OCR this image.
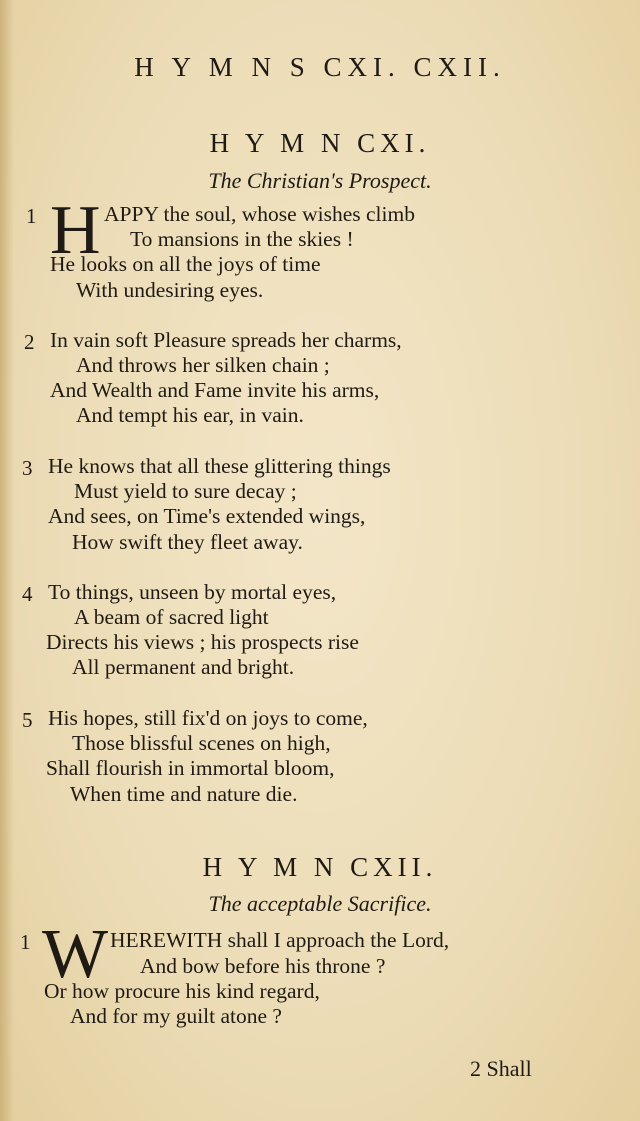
H Y M N S CXI. CXII.
H Y M N CXI.
The Christian's Prospect.
1 H APPY the soul, whose wishes climb
To mansions in the skies !
He looks on all the joys of time
With undesiring eyes.
2 In vain soft Pleasure spreads her charms,
And throws her silken chain ;
And Wealth and Fame invite his arms,
And tempt his ear, in vain.
3 He knows that all these glittering things
Must yield to sure decay ;
And sees, on Time's extended wings,
How swift they fleet away.
4 To things, unseen by mortal eyes,
A beam of sacred light
Directs his views ; his prospects rise
All permanent and bright.
5 His hopes, still fix'd on joys to come,
Those blissful scenes on high,
Shall flourish in immortal bloom,
When time and nature die.
H Y M N CXII.
The acceptable Sacrifice.
1 W HEREWITH shall I approach the Lord,
And bow before his throne ?
Or how procure his kind regard,
And for my guilt atone ?
2 Shall
